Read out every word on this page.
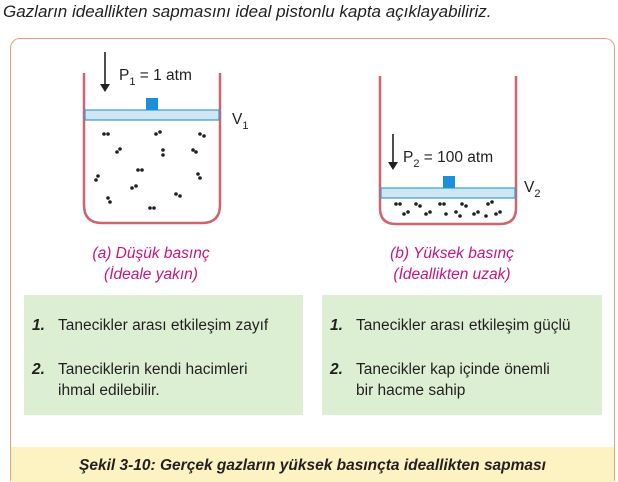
Gazların ideallikten sapmasını ideal pistonlu kapta açıklayabiliriz.
$P_1 = 1$ atm
$V_1$
$P_2 = 100$ atm
$V_2$
(a) Düşük basınç
(İdeale yakın)
(b) Yüksek basınç
(İdeallikten uzak)
1. Tanecikler arası etkileşim zayıf
2. Taneciklerin kendi hacimleri
ihmal edilebilir.
1. Tanecikler arası etkileşim güçlü
2. Tanecikler kap içinde önemli
bir hacme sahip
Şekil 3-10: Gerçek gazların yüksek basınçta ideallikten sapması
